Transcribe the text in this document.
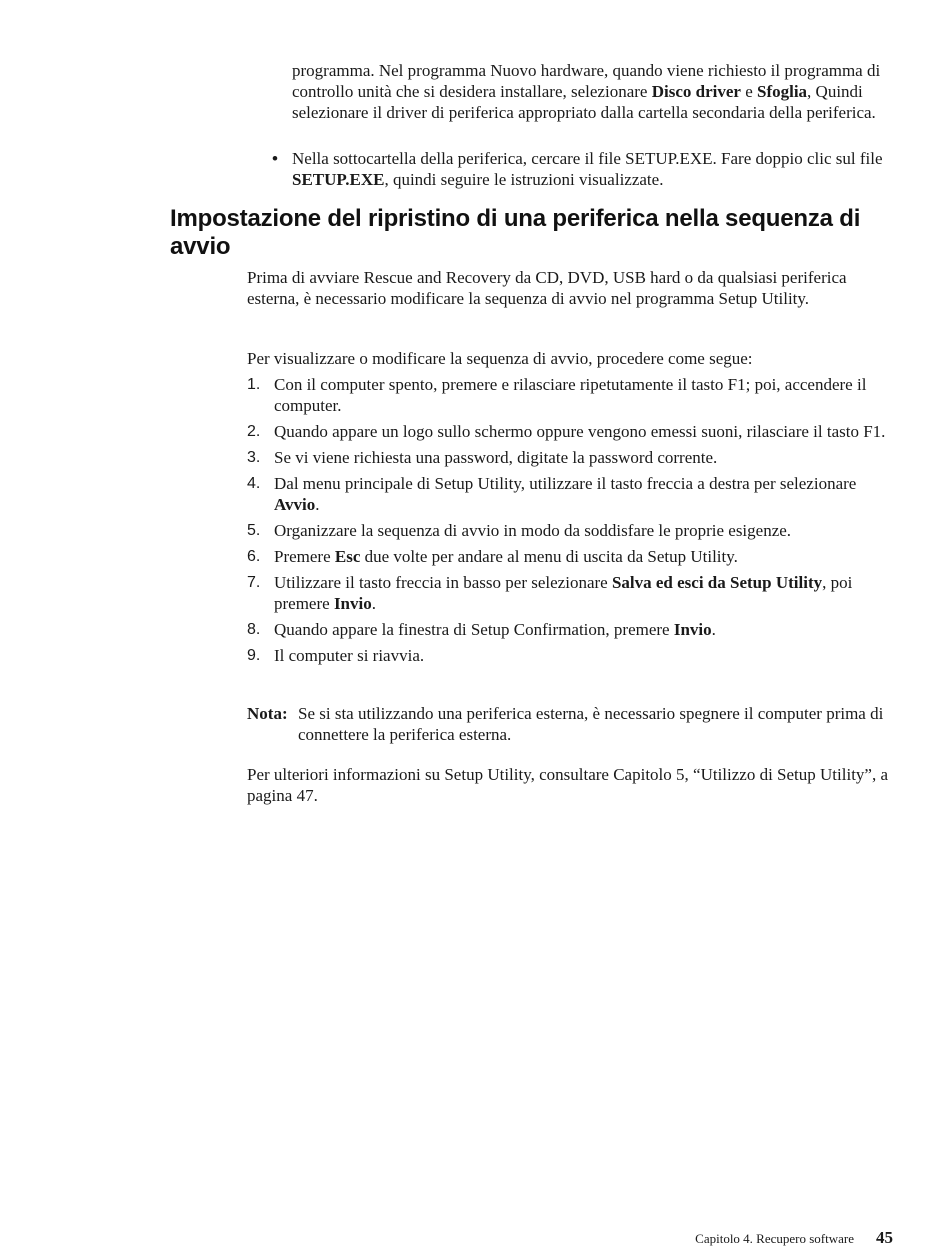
programma. Nel programma Nuovo hardware, quando viene richiesto il programma di controllo unità che si desidera installare, selezionare Disco driver e Sfoglia, Quindi selezionare il driver di periferica appropriato dalla cartella secondaria della periferica.

• Nella sottocartella della periferica, cercare il file SETUP.EXE. Fare doppio clic sul file SETUP.EXE, quindi seguire le istruzioni visualizzate.
Impostazione del ripristino di una periferica nella sequenza di avvio

Prima di avviare Rescue and Recovery da CD, DVD, USB hard o da qualsiasi periferica esterna, è necessario modificare la sequenza di avvio nel programma Setup Utility.

Per visualizzare o modificare la sequenza di avvio, procedere come segue:

1. Con il computer spento, premere e rilasciare ripetutamente il tasto F1; poi, accendere il computer.
2. Quando appare un logo sullo schermo oppure vengono emessi suoni, rilasciare il tasto F1.
3. Se vi viene richiesta una password, digitate la password corrente.
4. Dal menu principale di Setup Utility, utilizzare il tasto freccia a destra per selezionare Avvio.
5. Organizzare la sequenza di avvio in modo da soddisfare le proprie esigenze.
6. Premere Esc due volte per andare al menu di uscita da Setup Utility.
7. Utilizzare il tasto freccia in basso per selezionare Salva ed esci da Setup Utility, poi premere Invio.
8. Quando appare la finestra di Setup Confirmation, premere Invio.
9. Il computer si riavvia.
Nota: Se si sta utilizzando una periferica esterna, è necessario spegnere il computer prima di connettere la periferica esterna.

Per ulteriori informazioni su Setup Utility, consultare Capitolo 5, “Utilizzo di Setup Utility”, a pagina 47.

Capitolo 4. Recupero software 45
